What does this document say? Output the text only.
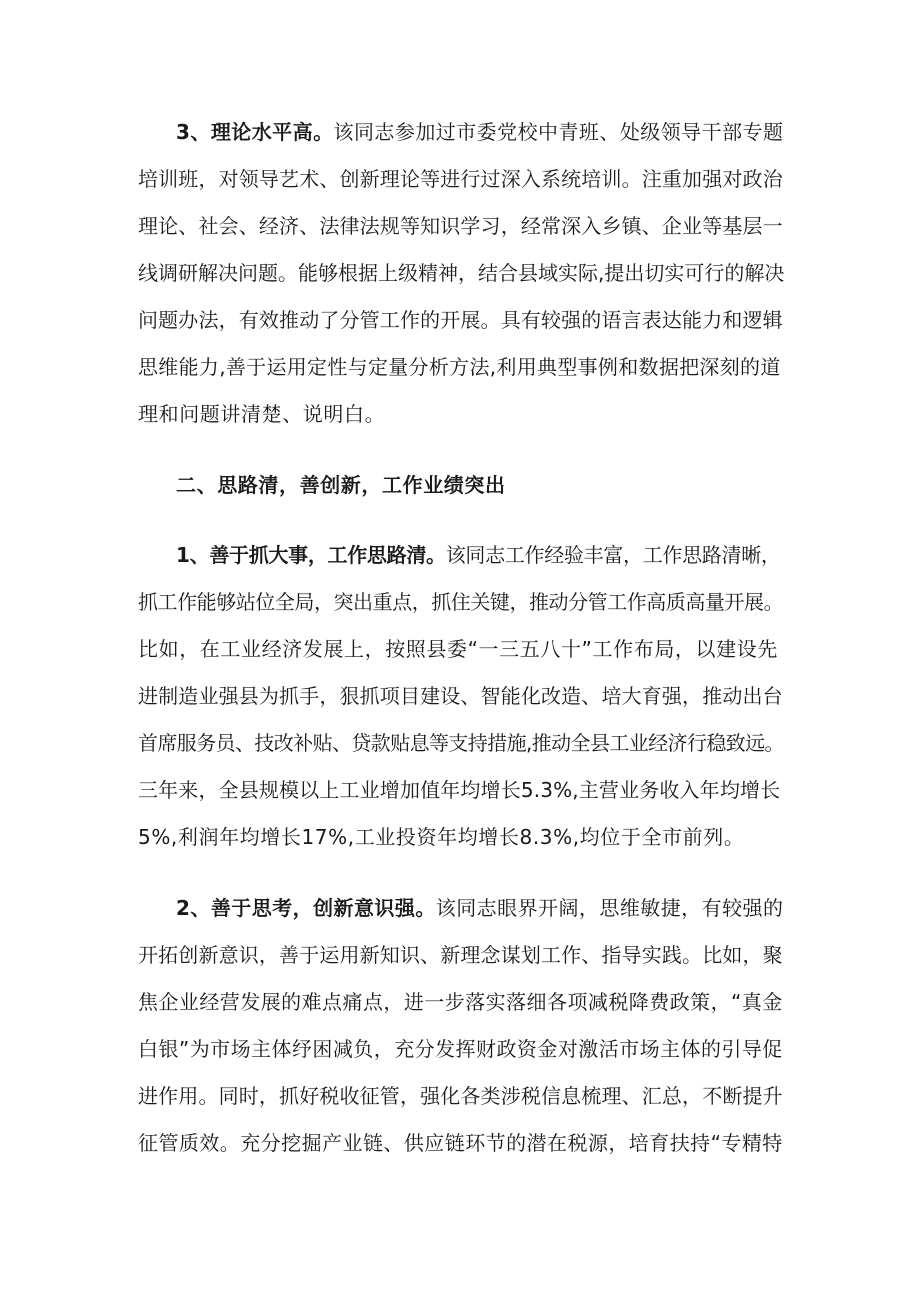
3、理论水平高。该同志参加过市委党校中青班、处级领导干部专题
培训班，对领导艺术、创新理论等进行过深入系统培训。注重加强对政治
理论、社会、经济、法律法规等知识学习，经常深入乡镇、企业等基层一
线调研解决问题。能够根据上级精神，结合县域实际,提出切实可行的解决
问题办法，有效推动了分管工作的开展。具有较强的语言表达能力和逻辑
思维能力,善于运用定性与定量分析方法,利用典型事例和数据把深刻的道
理和问题讲清楚、说明白。
二、思路清，善创新，工作业绩突出
1、善于抓大事，工作思路清。该同志工作经验丰富，工作思路清晰，
抓工作能够站位全局，突出重点，抓住关键，推动分管工作高质高量开展。
比如，在工业经济发展上，按照县委“一三五八十”工作布局，以建设先
进制造业强县为抓手，狠抓项目建设、智能化改造、培大育强，推动出台
首席服务员、技改补贴、贷款贴息等支持措施,推动全县工业经济行稳致远。
三年来，全县规模以上工业增加值年均增长5.3%,主营业务收入年均增长
5%,利润年均增长17%,工业投资年均增长8.3%,均位于全市前列。
2、善于思考，创新意识强。该同志眼界开阔，思维敏捷，有较强的
开拓创新意识，善于运用新知识、新理念谋划工作、指导实践。比如，聚
焦企业经营发展的难点痛点，进一步落实落细各项减税降费政策，“真金
白银”为市场主体纾困减负，充分发挥财政资金对激活市场主体的引导促
进作用。同时，抓好税收征管，强化各类涉税信息梳理、汇总，不断提升
征管质效。充分挖掘产业链、供应链环节的潜在税源，培育扶持“专精特
